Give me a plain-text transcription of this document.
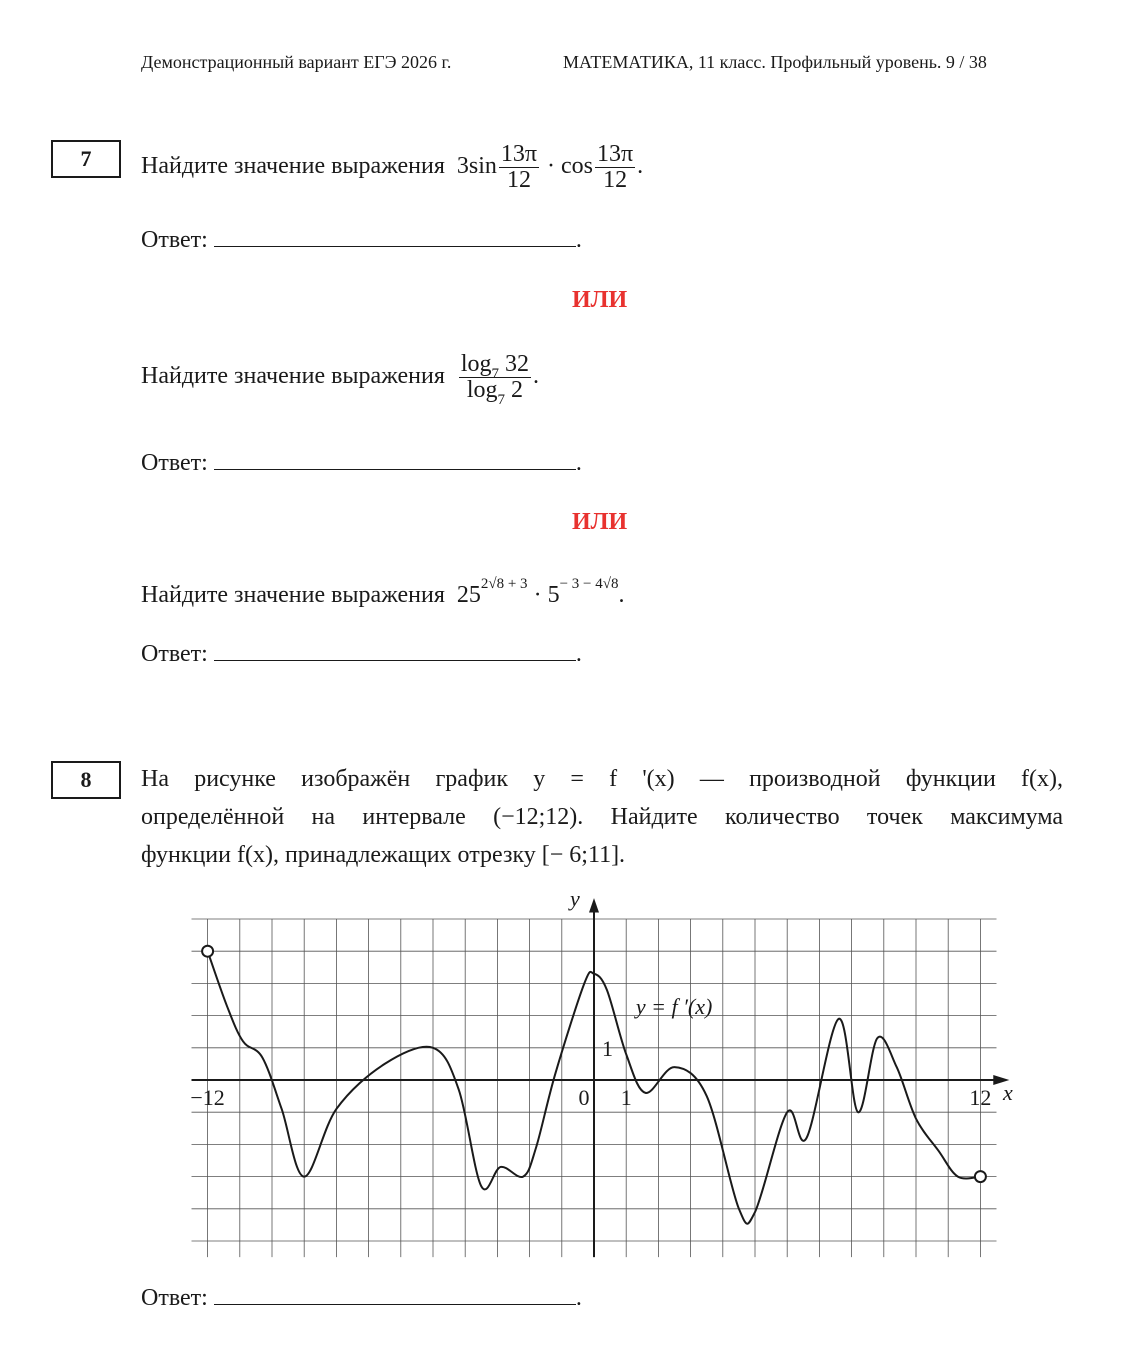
Демонстрационный вариант ЕГЭ 2026 г.	МАТЕМАТИКА, 11 класс. Профильный уровень. 9 / 38
7	Найдите значение выражения $3\sin \frac{13\pi}{12} \cdot \cos \frac{13\pi}{12}$ .
Ответ:	.
ИЛИ
Найдите значение выражения $\frac{\log_7 32}{\log_7 2}$ .
Ответ:	.
ИЛИ
Найдите значение выражения $25^{2√8 + 3} \cdot 5^{- 3 - 4√8}$.
Ответ:	.
8	На рисунке изображён график y = f '(x) — производной функции f(x),
определённой на интервале (−12;12). Найдите количество точек максимума
функции f(x), принадлежащих отрезку [− 6;11].
−12	0 1	12
1
x
y
y = f ′(x)
Ответ:	.
